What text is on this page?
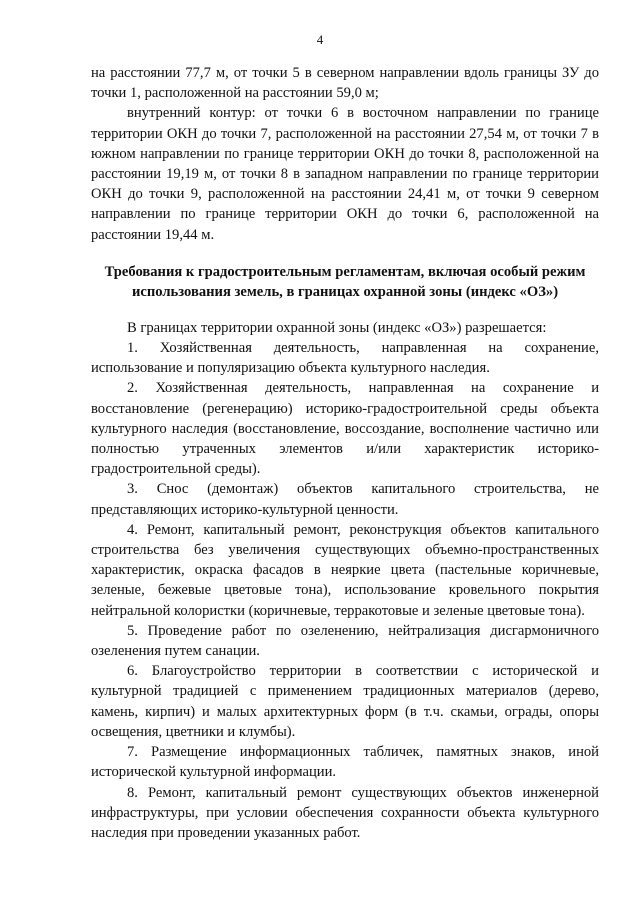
4

на расстоянии 77,7 м, от точки 5 в северном направлении вдоль границы ЗУ до точки 1, расположенной на расстоянии 59,0 м;

внутренний контур: от точки 6 в восточном направлении по границе территории ОКН до точки 7, расположенной на расстоянии 27,54 м, от точки 7 в южном направлении по границе территории ОКН до точки 8, расположенной на расстоянии 19,19 м, от точки 8 в западном направлении по границе территории ОКН до точки 9, расположенной на расстоянии 24,41 м, от точки 9 северном направлении по границе территории ОКН до точки 6, расположенной на расстоянии 19,44 м.

Требования к градостроительным регламентам, включая особый режим использования земель, в границах охранной зоны (индекс «ОЗ»)

В границах территории охранной зоны (индекс «ОЗ») разрешается:

1. Хозяйственная деятельность, направленная на сохранение, использование и популяризацию объекта культурного наследия.

2. Хозяйственная деятельность, направленная на сохранение и восстановление (регенерацию) историко-градостроительной среды объекта культурного наследия (восстановление, воссоздание, восполнение частично или полностью утраченных элементов и/или характеристик историко-градостроительной среды).

3. Снос (демонтаж) объектов капитального строительства, не представляющих историко-культурной ценности.

4. Ремонт, капитальный ремонт, реконструкция объектов капитального строительства без увеличения существующих объемно-пространственных характеристик, окраска фасадов в неяркие цвета (пастельные коричневые, зеленые, бежевые цветовые тона), использование кровельного покрытия нейтральной колористки (коричневые, терракотовые и зеленые цветовые тона).

5. Проведение работ по озеленению, нейтрализация дисгармоничного озеленения путем санации.

6. Благоустройство территории в соответствии с исторической и культурной традицией с применением традиционных материалов (дерево, камень, кирпич) и малых архитектурных форм (в т.ч. скамьи, ограды, опоры освещения, цветники и клумбы).

7. Размещение информационных табличек, памятных знаков, иной исторической культурной информации.

8. Ремонт, капитальный ремонт существующих объектов инженерной инфраструктуры, при условии обеспечения сохранности объекта культурного наследия при проведении указанных работ.
